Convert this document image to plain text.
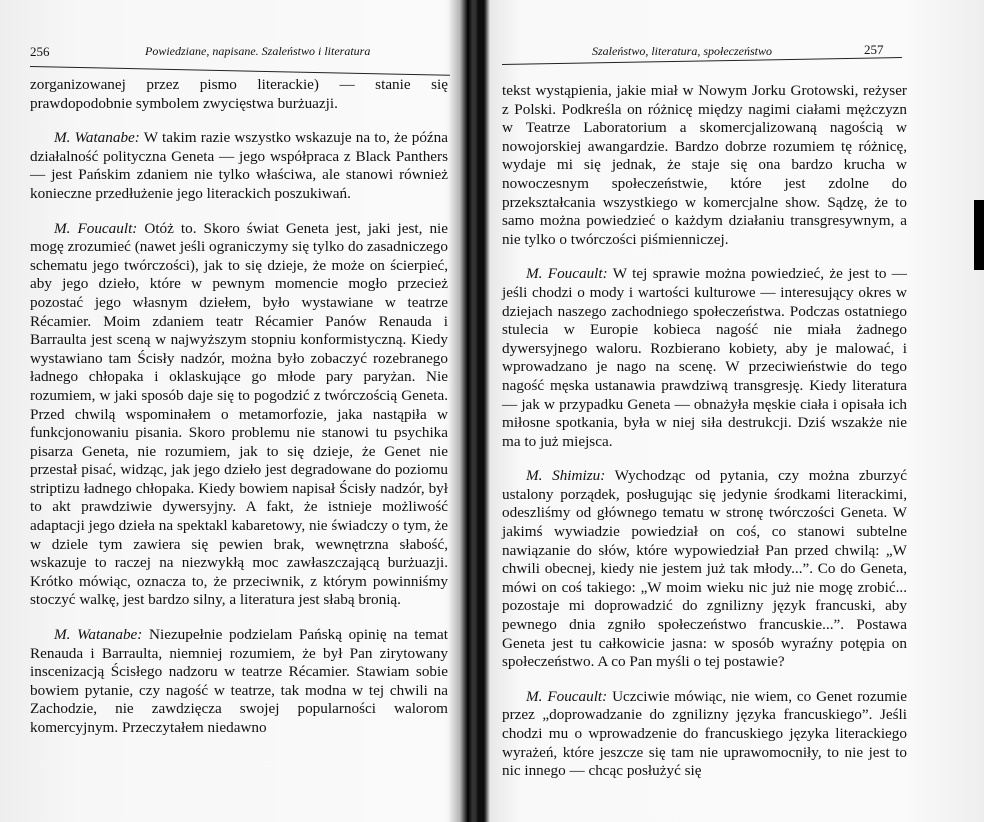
256	Powiedziane, napisane. Szaleństwo i literatura

zorganizowanej przez pismo literackie) — stanie się prawdopodobnie symbolem zwycięstwa burżuazji.

M. Watanabe: W takim razie wszystko wskazuje na to, że późna działalność polityczna Geneta — jego współpraca z Black Panthers — jest Pańskim zdaniem nie tylko właściwa, ale stanowi również konieczne przedłużenie jego literackich poszukiwań.

M. Foucault: Otóż to. Skoro świat Geneta jest, jaki jest, nie mogę zrozumieć (nawet jeśli ograniczymy się tylko do zasadniczego schematu jego twórczości), jak to się dzieje, że może on ścierpieć, aby jego dzieło, które w pewnym momencie mogło przecież pozostać jego własnym dziełem, było wystawiane w teatrze Récamier. Moim zdaniem teatr Récamier Panów Renauda i Barraulta jest sceną w najwyższym stopniu konformistyczną. Kiedy wystawiano tam Ścisły nadzór, można było zobaczyć rozebranego ładnego chłopaka i oklaskujące go młode pary paryżan. Nie rozumiem, w jaki sposób daje się to pogodzić z twórczością Geneta. Przed chwilą wspominałem o metamorfozie, jaka nastąpiła w funkcjonowaniu pisania. Skoro problemu nie stanowi tu psychika pisarza Geneta, nie rozumiem, jak to się dzieje, że Genet nie przestał pisać, widząc, jak jego dzieło jest degradowane do poziomu striptizu ładnego chłopaka. Kiedy bowiem napisał Ścisły nadzór, był to akt prawdziwie dywersyjny. A fakt, że istnieje możliwość adaptacji jego dzieła na spektakl kabaretowy, nie świadczy o tym, że w dziele tym zawiera się pewien brak, wewnętrzna słabość, wskazuje to raczej na niezwykłą moc zawłaszczającą burżuazji. Krótko mówiąc, oznacza to, że przeciwnik, z którym powinniśmy stoczyć walkę, jest bardzo silny, a literatura jest słabą bronią.

M. Watanabe: Niezupełnie podzielam Pańską opinię na temat Renauda i Barraulta, niemniej rozumiem, że był Pan zirytowany inscenizacją Ścisłego nadzoru w teatrze Récamier. Stawiam sobie bowiem pytanie, czy nagość w teatrze, tak modna w tej chwili na Zachodzie, nie zawdzięcza swojej popularności walorom komercyjnym. Przeczytałem niedawno

Szaleństwo, literatura, społeczeństwo	257

tekst wystąpienia, jakie miał w Nowym Jorku Grotowski, reżyser z Polski. Podkreśla on różnicę między nagimi ciałami mężczyzn w Teatrze Laboratorium a skomercjalizowaną nagością w nowojorskiej awangardzie. Bardzo dobrze rozumiem tę różnicę, wydaje mi się jednak, że staje się ona bardzo krucha w nowoczesnym społeczeństwie, które jest zdolne do przekształcania wszystkiego w komercjalne show. Sądzę, że to samo można powiedzieć o każdym działaniu transgresywnym, a nie tylko o twórczości piśmienniczej.

M. Foucault: W tej sprawie można powiedzieć, że jest to — jeśli chodzi o mody i wartości kulturowe — interesujący okres w dziejach naszego zachodniego społeczeństwa. Podczas ostatniego stulecia w Europie kobieca nagość nie miała żadnego dywersyjnego waloru. Rozbierano kobiety, aby je malować, i wprowadzano je nago na scenę. W przeciwieństwie do tego nagość męska ustanawia prawdziwą transgresję. Kiedy literatura — jak w przypadku Geneta — obnażyła męskie ciała i opisała ich miłosne spotkania, była w niej siła destrukcji. Dziś wszakże nie ma to już miejsca.

M. Shimizu: Wychodząc od pytania, czy można zburzyć ustalony porządek, posługując się jedynie środkami literackimi, odeszliśmy od głównego tematu w stronę twórczości Geneta. W jakimś wywiadzie powiedział on coś, co stanowi subtelne nawiązanie do słów, które wypowiedział Pan przed chwilą: „W chwili obecnej, kiedy nie jestem już tak młody...”. Co do Geneta, mówi on coś takiego: „W moim wieku nic już nie mogę zrobić... pozostaje mi doprowadzić do zgnilizny język francuski, aby pewnego dnia zgniło społeczeństwo francuskie...”. Postawa Geneta jest tu całkowicie jasna: w sposób wyraźny potępia on społeczeństwo. A co Pan myśli o tej postawie?

M. Foucault: Uczciwie mówiąc, nie wiem, co Genet rozumie przez „doprowadzanie do zgnilizny języka francuskiego”. Jeśli chodzi mu o wprowadzenie do francuskiego języka literackiego wyrażeń, które jeszcze się tam nie uprawomocniły, to nie jest to nic innego — chcąc posłużyć się
